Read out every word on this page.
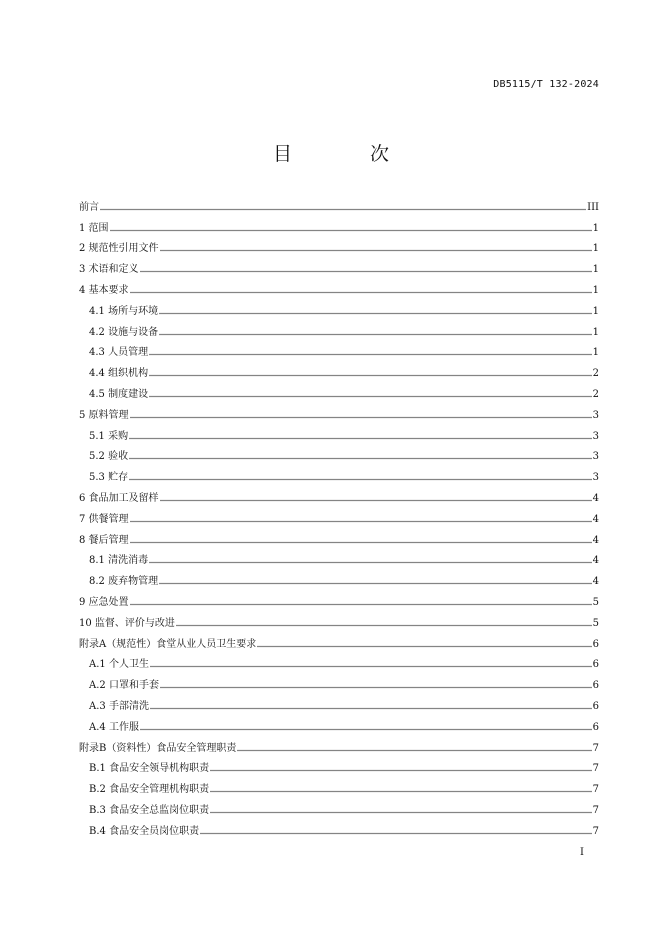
DB5115/T 132-2024
目 次
前言	III
1 范围	1
2 规范性引用文件	1
3 术语和定义	1
4 基本要求	1
4.1 场所与环境	1
4.2 设施与设备	1
4.3 人员管理	1
4.4 组织机构	2
4.5 制度建设	2
5 原料管理	3
5.1 采购	3
5.2 验收	3
5.3 贮存	3
6 食品加工及留样	4
7 供餐管理	4
8 餐后管理	4
8.1 清洗消毒	4
8.2 废弃物管理	4
9 应急处置	5
10 监督、评价与改进	5
附录A（规范性）食堂从业人员卫生要求	6
A.1 个人卫生	6
A.2 口罩和手套	6
A.3 手部清洗	6
A.4 工作服	6
附录B（资料性）食品安全管理职责	7
B.1 食品安全领导机构职责	7
B.2 食品安全管理机构职责	7
B.3 食品安全总监岗位职责	7
B.4 食品安全员岗位职责	7
I
